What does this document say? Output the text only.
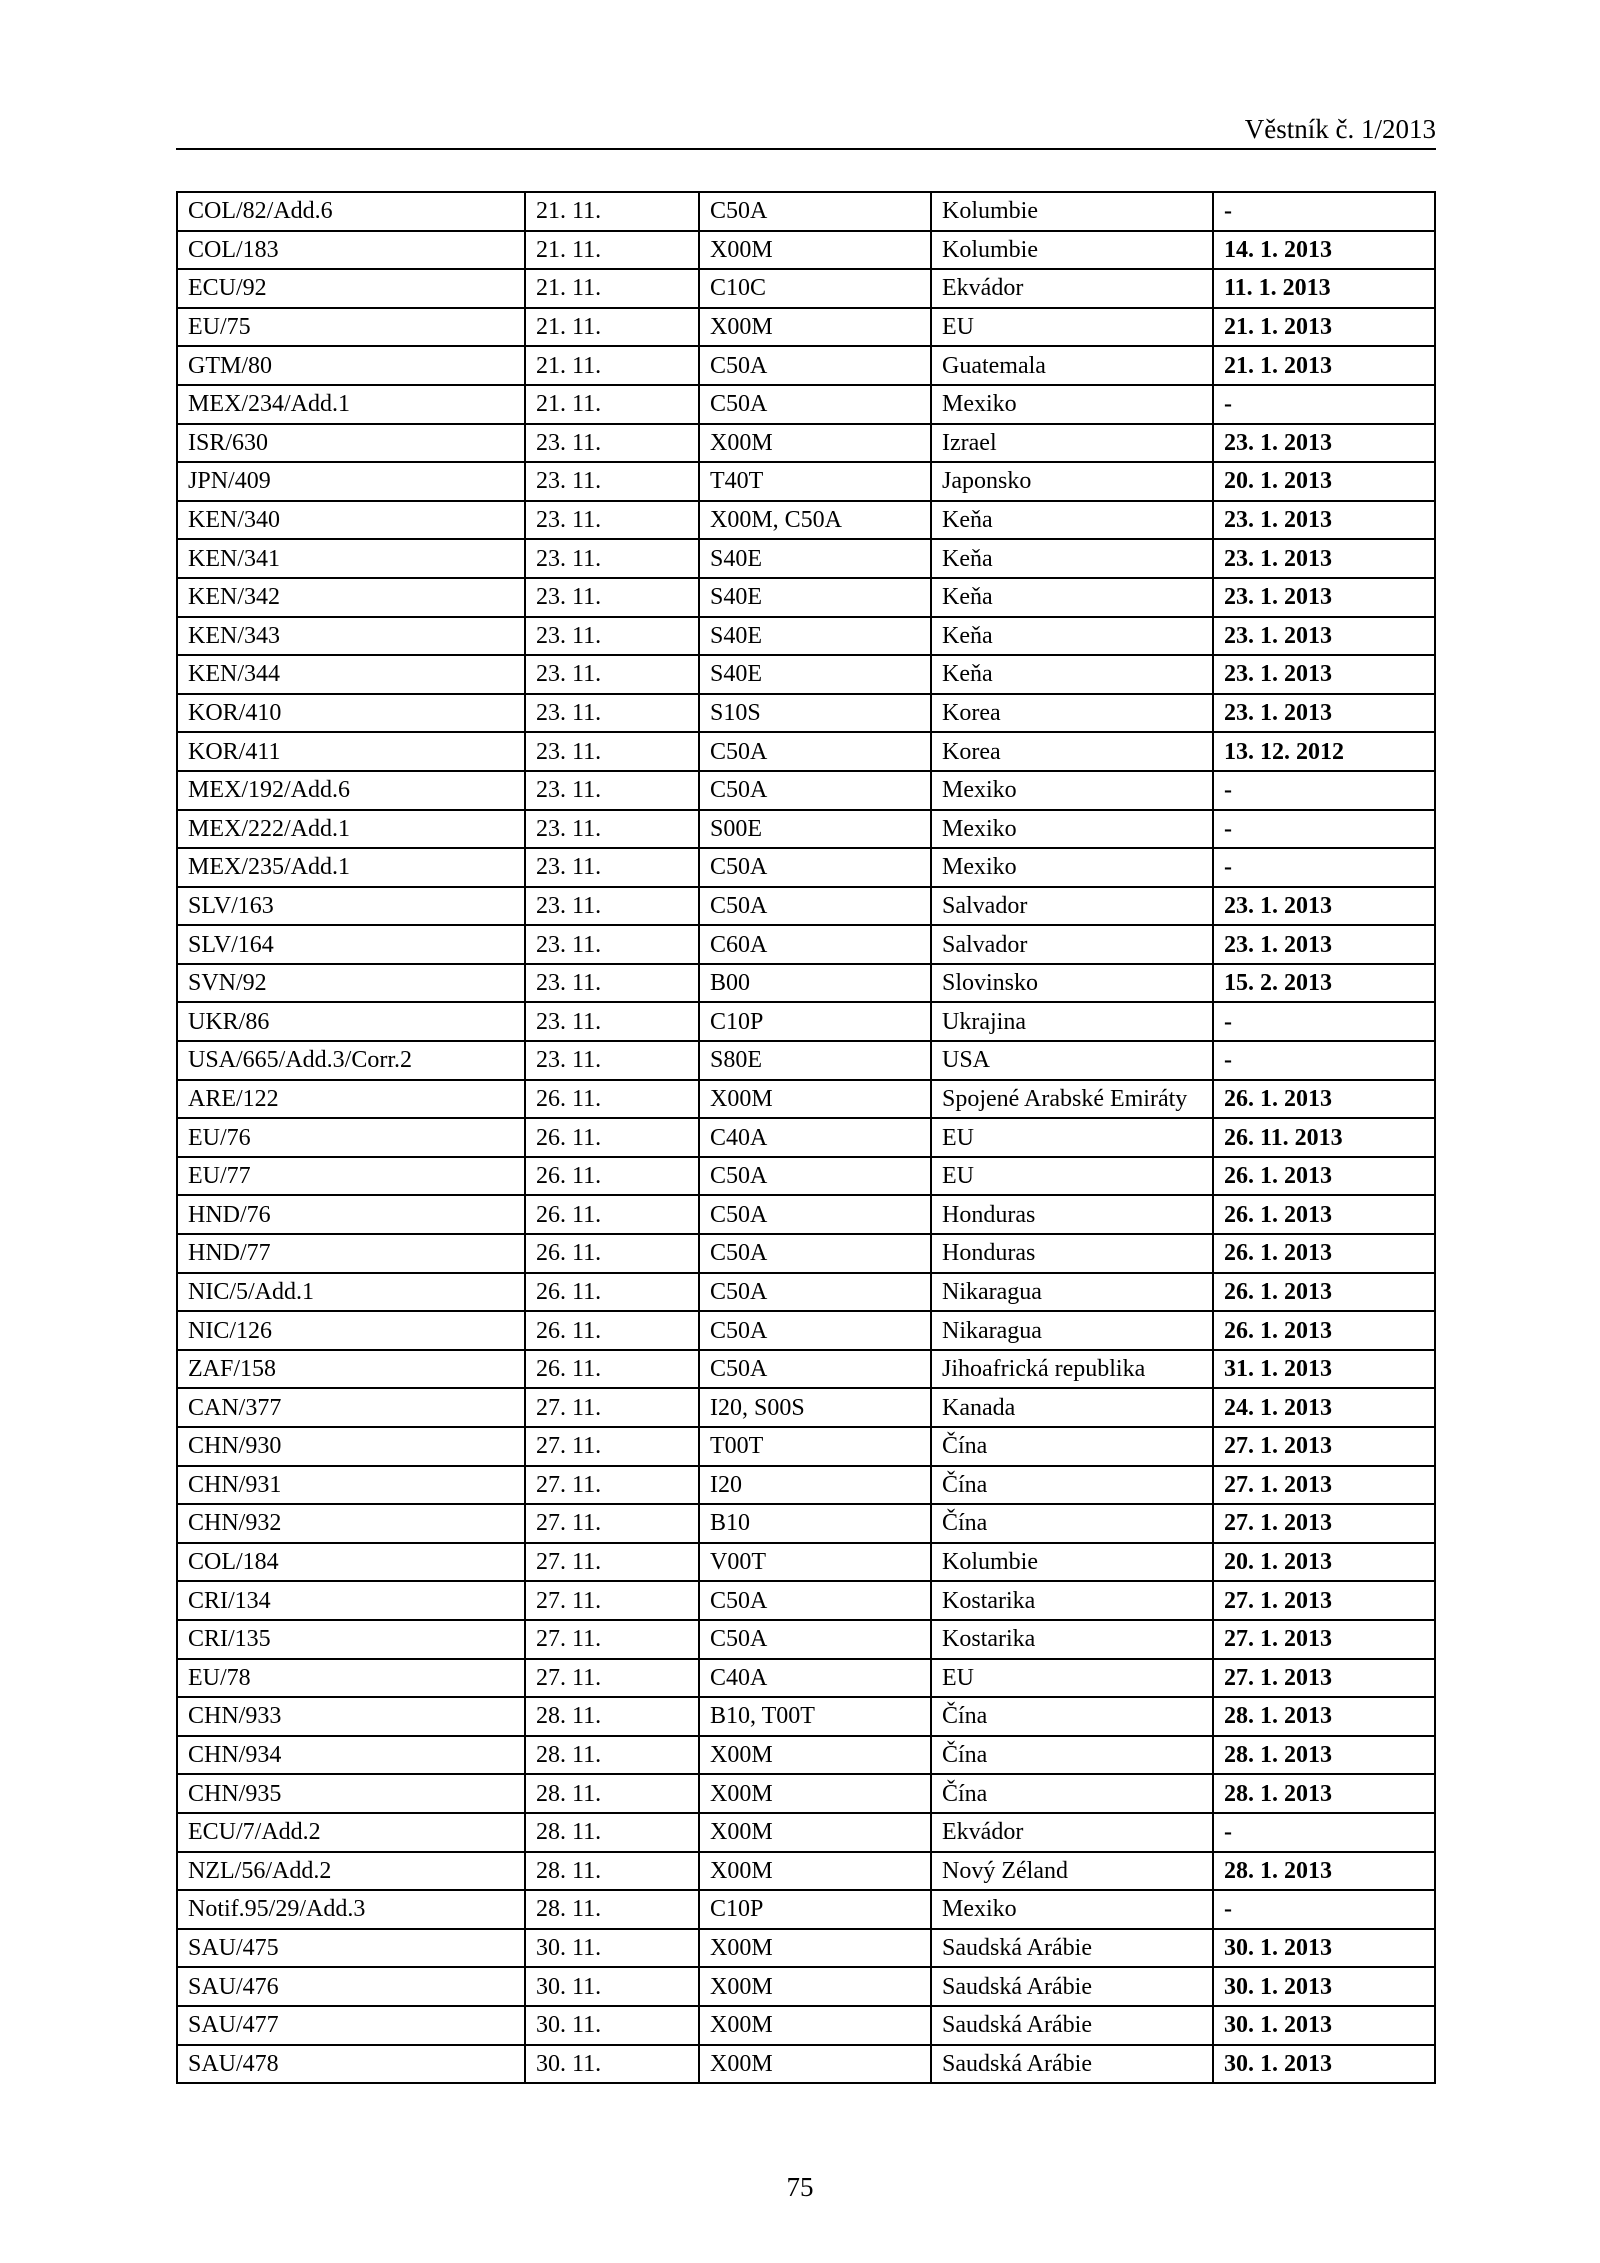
Věstník č. 1/2013
COL/82/Add.6	21. 11.	C50A	Kolumbie	-
COL/183	21. 11.	X00M	Kolumbie	14. 1. 2013
ECU/92	21. 11.	C10C	Ekvádor	11. 1. 2013
EU/75	21. 11.	X00M	EU	21. 1. 2013
GTM/80	21. 11.	C50A	Guatemala	21. 1. 2013
MEX/234/Add.1	21. 11.	C50A	Mexiko	-
ISR/630	23. 11.	X00M	Izrael	23. 1. 2013
JPN/409	23. 11.	T40T	Japonsko	20. 1. 2013
KEN/340	23. 11.	X00M, C50A	Keňa	23. 1. 2013
KEN/341	23. 11.	S40E	Keňa	23. 1. 2013
KEN/342	23. 11.	S40E	Keňa	23. 1. 2013
KEN/343	23. 11.	S40E	Keňa	23. 1. 2013
KEN/344	23. 11.	S40E	Keňa	23. 1. 2013
KOR/410	23. 11.	S10S	Korea	23. 1. 2013
KOR/411	23. 11.	C50A	Korea	13. 12. 2012
MEX/192/Add.6	23. 11.	C50A	Mexiko	-
MEX/222/Add.1	23. 11.	S00E	Mexiko	-
MEX/235/Add.1	23. 11.	C50A	Mexiko	-
SLV/163	23. 11.	C50A	Salvador	23. 1. 2013
SLV/164	23. 11.	C60A	Salvador	23. 1. 2013
SVN/92	23. 11.	B00	Slovinsko	15. 2. 2013
UKR/86	23. 11.	C10P	Ukrajina	-
USA/665/Add.3/Corr.2	23. 11.	S80E	USA	-
ARE/122	26. 11.	X00M	Spojené Arabské Emiráty	26. 1. 2013
EU/76	26. 11.	C40A	EU	26. 11. 2013
EU/77	26. 11.	C50A	EU	26. 1. 2013
HND/76	26. 11.	C50A	Honduras	26. 1. 2013
HND/77	26. 11.	C50A	Honduras	26. 1. 2013
NIC/5/Add.1	26. 11.	C50A	Nikaragua	26. 1. 2013
NIC/126	26. 11.	C50A	Nikaragua	26. 1. 2013
ZAF/158	26. 11.	C50A	Jihoafrická republika	31. 1. 2013
CAN/377	27. 11.	I20, S00S	Kanada	24. 1. 2013
CHN/930	27. 11.	T00T	Čína	27. 1. 2013
CHN/931	27. 11.	I20	Čína	27. 1. 2013
CHN/932	27. 11.	B10	Čína	27. 1. 2013
COL/184	27. 11.	V00T	Kolumbie	20. 1. 2013
CRI/134	27. 11.	C50A	Kostarika	27. 1. 2013
CRI/135	27. 11.	C50A	Kostarika	27. 1. 2013
EU/78	27. 11.	C40A	EU	27. 1. 2013
CHN/933	28. 11.	B10, T00T	Čína	28. 1. 2013
CHN/934	28. 11.	X00M	Čína	28. 1. 2013
CHN/935	28. 11.	X00M	Čína	28. 1. 2013
ECU/7/Add.2	28. 11.	X00M	Ekvádor	-
NZL/56/Add.2	28. 11.	X00M	Nový Zéland	28. 1. 2013
Notif.95/29/Add.3	28. 11.	C10P	Mexiko	-
SAU/475	30. 11.	X00M	Saudská Arábie	30. 1. 2013
SAU/476	30. 11.	X00M	Saudská Arábie	30. 1. 2013
SAU/477	30. 11.	X00M	Saudská Arábie	30. 1. 2013
SAU/478	30. 11.	X00M	Saudská Arábie	30. 1. 2013
75
